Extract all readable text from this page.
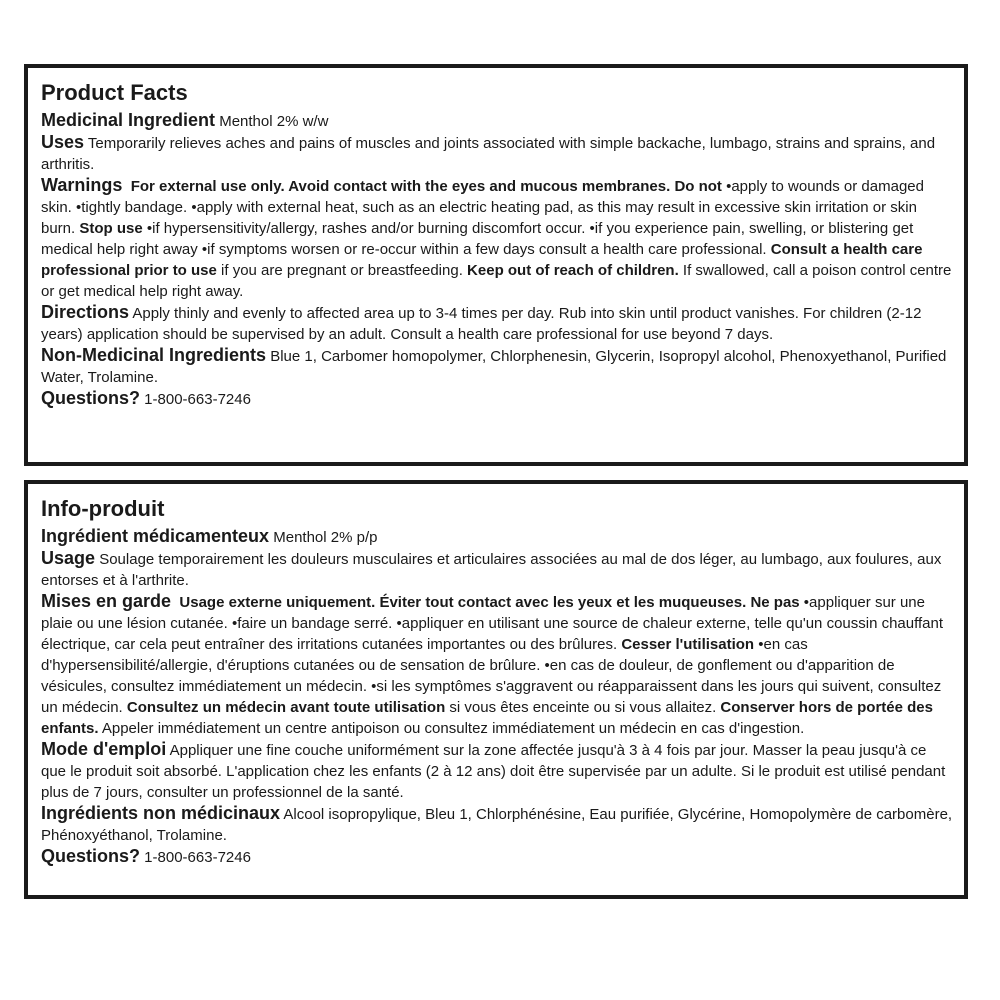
Product Facts

Medicinal Ingredient Menthol 2% w/w

Uses Temporarily relieves aches and pains of muscles and joints associated with simple backache, lumbago, strains and sprains, and arthritis.

Warnings For external use only. Avoid contact with the eyes and mucous membranes. Do not •apply to wounds or damaged skin. •tightly bandage. •apply with external heat, such as an electric heating pad, as this may result in excessive skin irritation or skin burn. Stop use •if hypersensitivity/allergy, rashes and/or burning discomfort occur. •if you experience pain, swelling, or blistering get medical help right away •if symptoms worsen or re-occur within a few days consult a health care professional. Consult a health care professional prior to use if you are pregnant or breastfeeding. Keep out of reach of children. If swallowed, call a poison control centre or get medical help right away.

Directions Apply thinly and evenly to affected area up to 3-4 times per day. Rub into skin until product vanishes. For children (2-12 years) application should be supervised by an adult. Consult a health care professional for use beyond 7 days.

Non-Medicinal Ingredients Blue 1, Carbomer homopolymer, Chlorphenesin, Glycerin, Isopropyl alcohol, Phenoxyethanol, Purified Water, Trolamine.

Questions? 1-800-663-7246

Info-produit

Ingrédient médicamenteux Menthol 2% p/p

Usage Soulage temporairement les douleurs musculaires et articulaires associées au mal de dos léger, au lumbago, aux foulures, aux entorses et à l'arthrite.

Mises en garde Usage externe uniquement. Éviter tout contact avec les yeux et les muqueuses. Ne pas •appliquer sur une plaie ou une lésion cutanée. •faire un bandage serré. •appliquer en utilisant une source de chaleur externe, telle qu'un coussin chauffant électrique, car cela peut entraîner des irritations cutanées importantes ou des brûlures. Cesser l'utilisation •en cas d'hypersensibilité/allergie, d'éruptions cutanées ou de sensation de brûlure. •en cas de douleur, de gonflement ou d'apparition de vésicules, consultez immédiatement un médecin. •si les symptômes s'aggravent ou réapparaissent dans les jours qui suivent, consultez un médecin. Consultez un médecin avant toute utilisation si vous êtes enceinte ou si vous allaitez. Conserver hors de portée des enfants. Appeler immédiatement un centre antipoison ou consultez immédiatement un médecin en cas d'ingestion.

Mode d'emploi Appliquer une fine couche uniformément sur la zone affectée jusqu'à 3 à 4 fois par jour. Masser la peau jusqu'à ce que le produit soit absorbé. L'application chez les enfants (2 à 12 ans) doit être supervisée par un adulte. Si le produit est utilisé pendant plus de 7 jours, consulter un professionnel de la santé.

Ingrédients non médicinaux Alcool isopropylique, Bleu 1, Chlorphénésine, Eau purifiée, Glycérine, Homopolymère de carbomère, Phénoxyéthanol, Trolamine.

Questions? 1-800-663-7246
